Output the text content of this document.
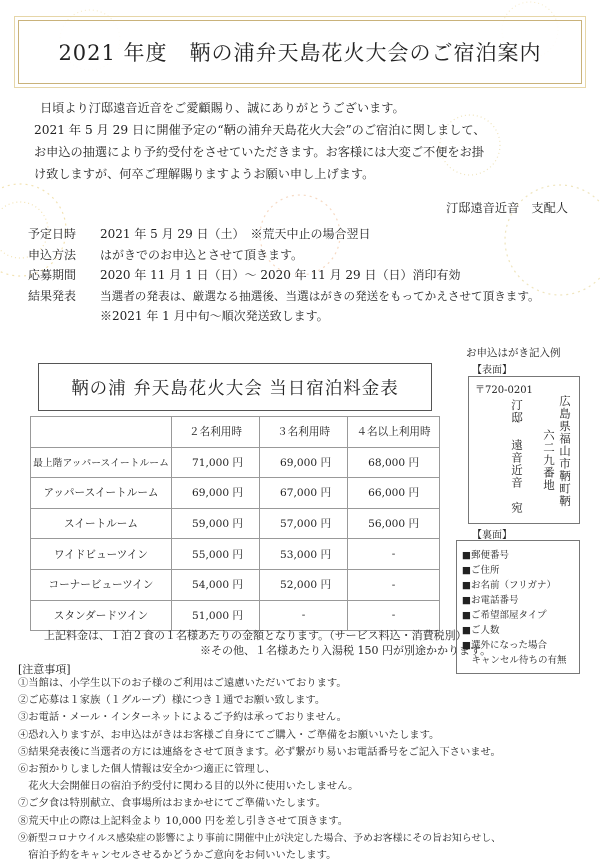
2021 年度　鞆の浦弁天島花火大会のご宿泊案内

日頃より汀邸遠音近音をご愛顧賜り、誠にありがとうございます。

2021 年 5 月 29 日に開催予定の“鞆の浦弁天島花火大会”のご宿泊に関しまして、

お申込の抽選により予約受付をさせていただきます。お客様には大変ご不便をお掛

け致しますが、何卒ご理解賜りますようお願い申し上げます。

汀邸遠音近音　支配人
予定日時	2021 年 5 月 29 日（土）　※荒天中止の場合翌日
申込方法	はがきでのお申込とさせて頂きます。
応募期間	2020 年 11 月 1 日（日）～ 2020 年 11 月 29 日（日）消印有効
結果発表	当選者の発表は、厳選なる抽選後、当選はがきの発送をもってかえさせて頂きます。
※2021 年 1 月中旬～順次発送致します。
鞆の浦 弁天島花火大会 当日宿泊料金表
	２名利用時	３名利用時	４名以上利用時
最上階アッパースイートルーム	71,000 円	69,000 円	68,000 円
アッパースイートルーム	69,000 円	67,000 円	66,000 円
スイートルーム	59,000 円	57,000 円	56,000 円
ワイドビューツイン	55,000 円	53,000 円	-
コーナービューツイン	54,000 円	52,000 円	-
スタンダードツイン	51,000 円	-	-
上記料金は、１泊２食の１名様あたりの金額となります。（サービス料込・消費税別）
※その他、１名様あたり入湯税 150 円が別途かかります。
[注意事項]
①当館は、小学生以下のお子様のご利用はご遠慮いただいております。
②ご応募は１家族（１グループ）様につき１通でお願い致します。
③お電話・メール・インターネットによるご予約は承っておりません。
④恐れ入りますが、お申込はがきはお客様ご自身にてご購入・ご準備をお願いいたします。
⑤結果発表後に当選者の方には連絡をさせて頂きます。必ず繋がり易いお電話番号をご記入下さいませ。
⑥お預かりしました個人情報は安全かつ適正に管理し、
　花火大会開催日の宿泊予約受付に関わる目的以外に使用いたしません。
⑦ご夕食は特別献立、食事場所はおまかせにてご準備いたします。
⑧荒天中止の際は上記料金より 10,000 円を差し引きさせて頂きます。
⑨新型コロナウイルス感染症の影響により事前に開催中止が決定した場合、予めお客様にその旨お知らせし、
　宿泊予約をキャンセルさせるかどうかご意向をお伺いいたします。
お申込はがき記入例
【表面】
〒720-0201
広島県福山市鞆町鞆
六二九番地
汀邸
遠音近音　宛
【裏面】
■郵便番号
■ご住所
■お名前（フリガナ）
■お電話番号
■ご希望部屋タイプ
■ご人数
■選外になった場合
　キャンセル待ちの有無
